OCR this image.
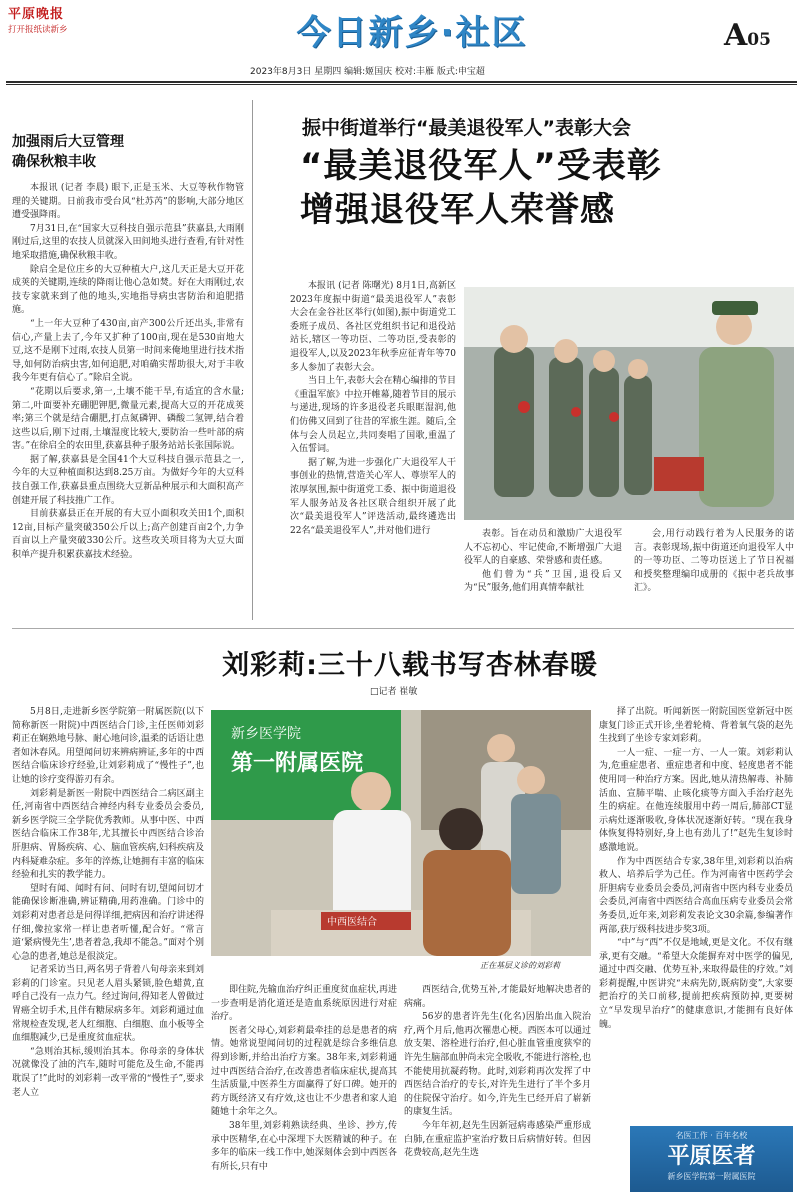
平原晚报
打开报纸读新乡	今日新乡·社区	A05
2023年8月3日 星期四 编辑:姬国庆 校对:丰雁 版式:申宝超
加强雨后大豆管理
确保秋粮丰收

本报讯 (记者 李晨) 眼下,正是玉米、大豆等秋作物管理的关键期。日前我市受台风“杜苏芮”的影响,大部分地区遭受强降雨。

7月31日,在“国家大豆科技自强示范县”获嘉县,大雨刚刚过后,这里的农技人员就深入田间地头进行查看,有针对性地采取措施,确保秋粮丰收。

除启全是位庄乡的大豆种植大户,这几天正是大豆开花成荚的关键期,连续的降雨让他心急如焚。好在大雨刚过,农技专家就来到了他的地头,实地指导病虫害防治和追肥措施。

“上一年大豆种了430亩,亩产300公斤还出头,非常有信心,产量上去了,今年又扩种了100亩,现在是530亩地大豆,这不是刚下过雨,农技人员第一时间来俺地里进行技术指导,如何防治病虫害,如何追肥,对咱确实帮助很大,对于丰收我今年更有信心了。”除启全说。

“花期以后要求,第一,土壤不能干旱,有适宜的含水量;第二,叶面要补充硼肥钾肥,微量元素,提高大豆的开花成荚率;第三个就是结合硼肥,打点氮磷钾、磷酸二氢钾,结合着这些以后,刚下过雨,土壤湿度比较大,要防治一些叶部的病害。”在徐启全的农田里,获嘉县种子服务站站长张国际说。

据了解,获嘉县是全国41个大豆科技自强示范县之一,今年的大豆种植面积达到8.25万亩。为做好今年的大豆科技自强工作,获嘉县重点围绕大豆新品种展示和大面积高产创建开展了科技推广工作。

目前获嘉县正在开展的有大豆小面积攻关田1个,面积12亩,目标产量突破350公斤以上;高产创建百亩2个,力争百亩以上产量突破330公斤。这些攻关项目将为大豆大面积单产提升积累获嘉技术经验。

振中街道举行“最美退役军人”表彰大会
“最美退役军人”受表彰
增强退役军人荣誉感

本报讯 (记者 陈曙光) 8月1日,高新区2023年度振中街道“最美退役军人”表彰大会在金谷社区举行(如图),振中街道党工委班子成员、各社区党组织书记和退役站站长,辖区一等功臣、二等功臣,受表彰的退役军人,以及2023年秋季应征青年等70多人参加了表彰大会。

当日上午,表彰大会在精心编排的节目《重温军旅》中拉开帷幕,随着节目的展示与递进,现场的许多退役老兵眼眶湿润,他们仿佛又回到了往昔的军旅生涯。随后,全体与会人员起立,共同奏唱了国歌,重温了入伍誓词。

据了解,为进一步强化广大退役军人干事创业的热情,营造关心军人、尊崇军人的浓厚氛围,振中街道党工委、振中街道退役军人服务站及各社区联合组织开展了此次“最美退役军人”评选活动,最终遴选出22名“最美退役军人”,并对他们进行	表彰。旨在动员和激励广大退役军人不忘初心、牢记使命,不断增强广大退役军人的自豪感、荣誉感和责任感。

他们曾为“兵”卫国,退役后又为“民”服务,他们用真情奉献社

会,用行动践行着为人民服务的诺言。表彰现场,振中街道还向退役军人中的一等功臣、二等功臣送上了节日祝福和授奖整理编印成册的《振中老兵故事汇》。

刘彩莉:三十八载书写杏林春暖
□记者 崔敏

5月8日,走进新乡医学院第一附属医院(以下简称新医一附院)中西医结合门诊,主任医师刘彩莉正在娴熟地号脉、耐心地问诊,温柔的话语让患者如沐春风。用望闻问切来辨病辨证,多年的中西医结合临床诊疗经验,让刘彩莉成了“慢性子”,也让她的诊疗变得游刃有余。

刘彩莉是新医一附院中西医结合二病区副主任,河南省中西医结合神经内科专业委员会委员,新乡医学院三全学院优秀教师。从事中医、中西医结合临床工作38年,尤其擅长中西医结合诊治肝胆病、胃肠疾病、心、脑血管疾病,妇科疾病及内科疑难杂症。多年的淬炼,让她拥有丰富的临床经验和扎实的教学能力。

望时有闻、闻时有问、问时有切,望闻问切才能确保诊断准确,辨证精确,用药准确。门诊中的刘彩莉对患者总是问得详细,把病因和治疗讲述得仔细,像拉家常一样让患者听懂,配合好。“常言道‘紧病慢先生’,患者着急,我却不能急。”面对个别心急的患者,她总是很淡定。

记者采访当日,两名男子背着八旬母亲来到刘彩莉的门诊室。只见老人眉头紧锁,脸色蜡黄,直呼自己没有一点力气。经过询问,得知老人曾做过胃癌全切手术,且伴有糖尿病多年。刘彩莉通过血常规检查发现,老人红细胞、白细胞、血小板等全血细胞减少,已是重度贫血症状。

“急则治其标,缓则治其本。你母亲的身体状况就像没了油的汽车,随时可能危及生命,不能再耽误了!”此时的刘彩莉一改平常的“慢性子”,要求老人立

新乡医学院
第一附属医院
中西医结合
正在基层义诊的刘彩莉

即住院,先输血治疗纠正重度贫血症状,再进一步查明是消化道还是造血系统原因进行对症治疗。

医者父母心,刘彩莉最牵挂的总是患者的病情。她常说望闻问切的过程就是综合多维信息得到诊断,并给出治疗方案。38年来,刘彩莉通过中西医结合治疗,在改善患者临床症状,提高其生活质量,中医养生方面赢得了好口碑。她开的药方既经济又有疗效,这也让不少患者和家人追随她十余年之久。

38年里,刘彩莉熟读经典、坐诊、抄方,传承中医精华,在心中深埋下大医精诚的种子。在多年的临床一线工作中,她深刻体会到中西医各有所长,只有中

西医结合,优势互补,才能最好地解决患者的病痛。

56岁的患者许先生(化名)因胎出血入院治疗,两个月后,他再次罹患心梗。西医本可以通过放支架、溶栓进行治疗,但心脏血管重度狭窄的许先生脑部血肿尚未完全吸收,不能进行溶栓,也不能使用抗凝药物。此时,刘彩莉再次发挥了中西医结合治疗的专长,对许先生进行了半个多月的住院保守治疗。如今,许先生已经开启了崭新的康复生活。

今年年初,赵先生因新冠病毒感染严重形成白肺,在重症监护室治疗数日后病情好转。但因花费较高,赵先生选

择了出院。听闻新医一附院国医堂新冠中医康复门诊正式开诊,坐着轮椅、背着氧气袋的赵先生找到了坐诊专家刘彩莉。

一人一症、一症一方、一人一策。刘彩莉认为,危重症患者、重症患者和中度、轻度患者不能使用同一种治疗方案。因此,她从清热解毒、补肺活血、宣肺平喘、止咳化痰等方面入手治疗赵先生的病症。在他连续服用中药一周后,肺部CT显示病灶逐渐吸收,身体状况逐渐好转。“现在我身体恢复得特别好,身上也有劲儿了!”赵先生复诊时感激地说。

作为中西医结合专家,38年里,刘彩莉以治病救人、培养后学为己任。作为河南省中医药学会肝胆病专业委员会委员,河南省中医内科专业委员会委员,河南省中西医结合高血压病专业委员会常务委员,近年来,刘彩莉发表论文30余篇,参编著作两部,获厅级科技进步奖3项。

“中”与“西”不仅是地域,更是文化。不仅有继承,更有交融。“希望大众能摒弃对中医学的偏见,通过中西交融、优势互补,来取得最佳的疗效。”刘彩莉提醒,中医讲究“未病先防,既病防变”,大家要把治疗的关口前移,提前把疾病预防掉,更要树立“早发现早治疗”的健康意识,才能拥有良好体魄。

名医工作 · 百年名校
平原医者
新乡医学院第一附属医院
